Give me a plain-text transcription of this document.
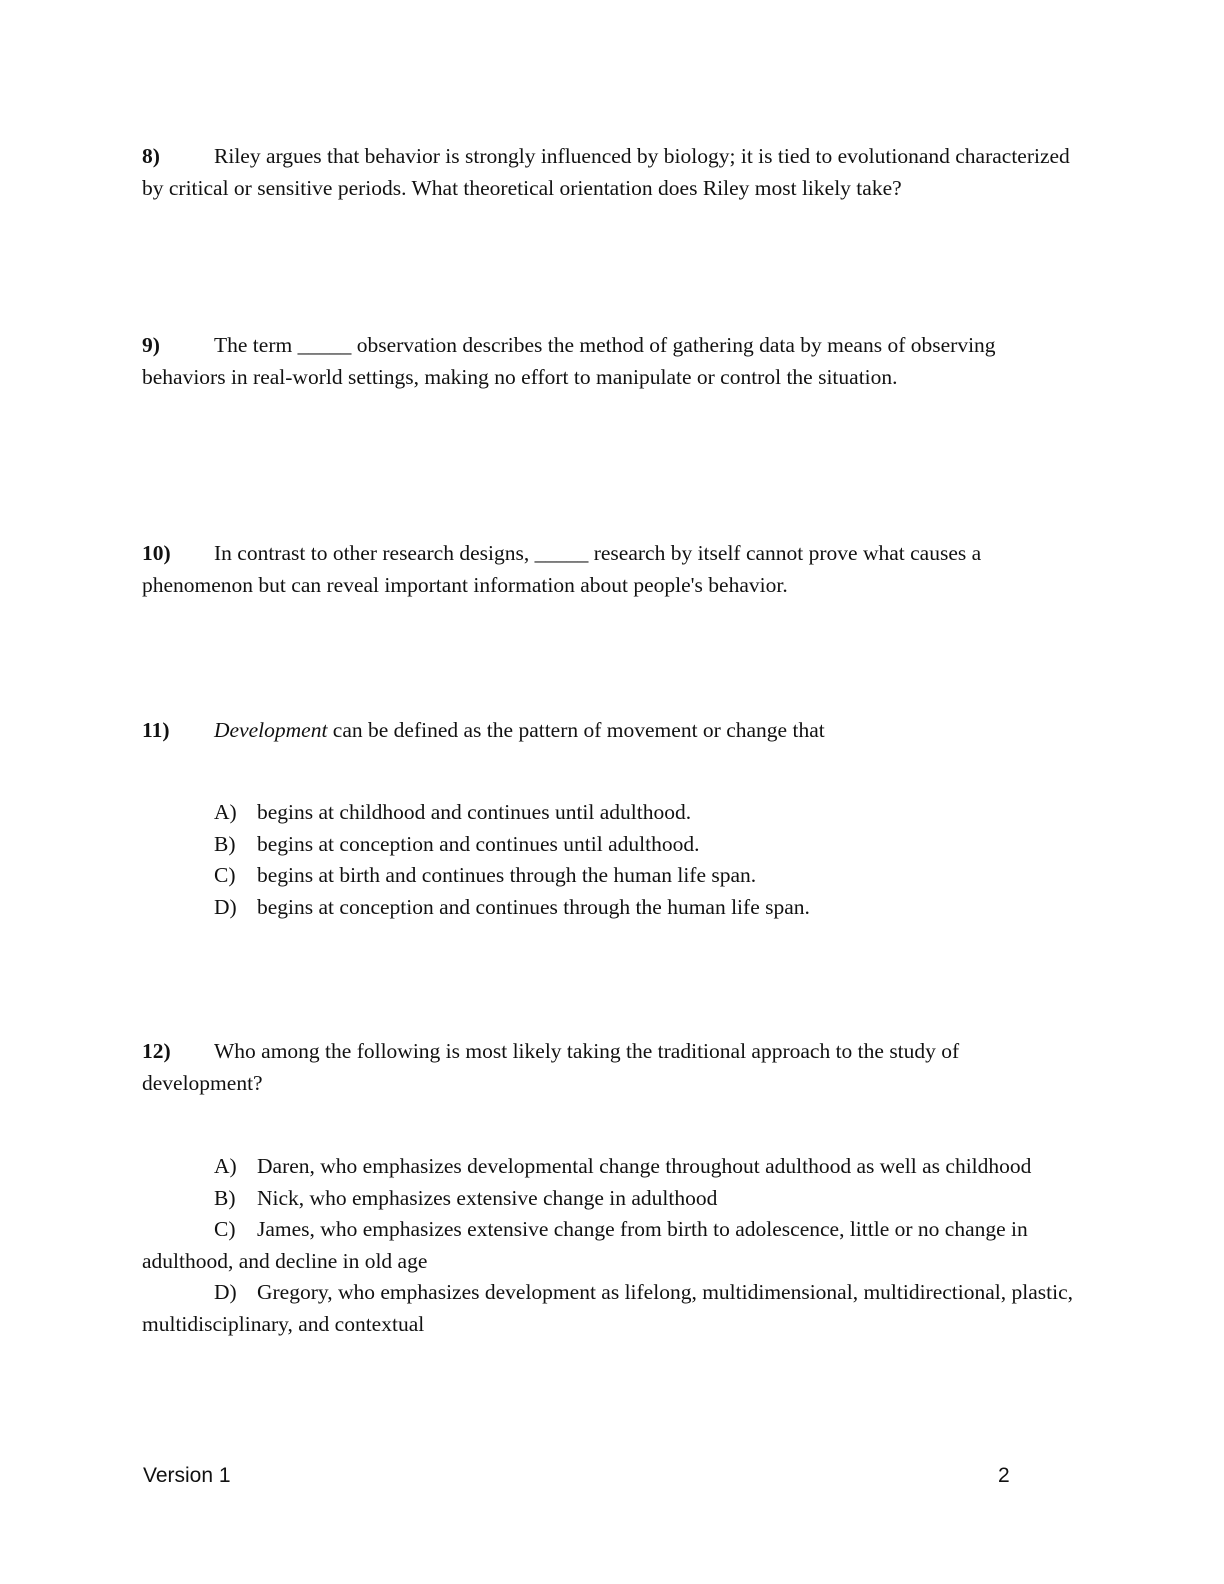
8)	Riley argues that behavior is strongly influenced by biology; it is tied to evolutionand characterized by critical or sensitive periods. What theoretical orientation does Riley most likely take?
9)	The term _____ observation describes the method of gathering data by means of observing behaviors in real-world settings, making no effort to manipulate or control the situation.
10) In contrast to other research designs, _____ research by itself cannot prove what causes a phenomenon but can reveal important information about people's behavior.
11) Development can be defined as the pattern of movement or change that
A) begins at childhood and continues until adulthood.
B) begins at conception and continues until adulthood.
C) begins at birth and continues through the human life span.
D) begins at conception and continues through the human life span.
12) Who among the following is most likely taking the traditional approach to the study of development?
A) Daren, who emphasizes developmental change throughout adulthood as well as childhood
B) Nick, who emphasizes extensive change in adulthood
C) James, who emphasizes extensive change from birth to adolescence, little or no change in adulthood, and decline in old age
D) Gregory, who emphasizes development as lifelong, multidimensional, multidirectional, plastic, multidisciplinary, and contextual
Version 1	2
